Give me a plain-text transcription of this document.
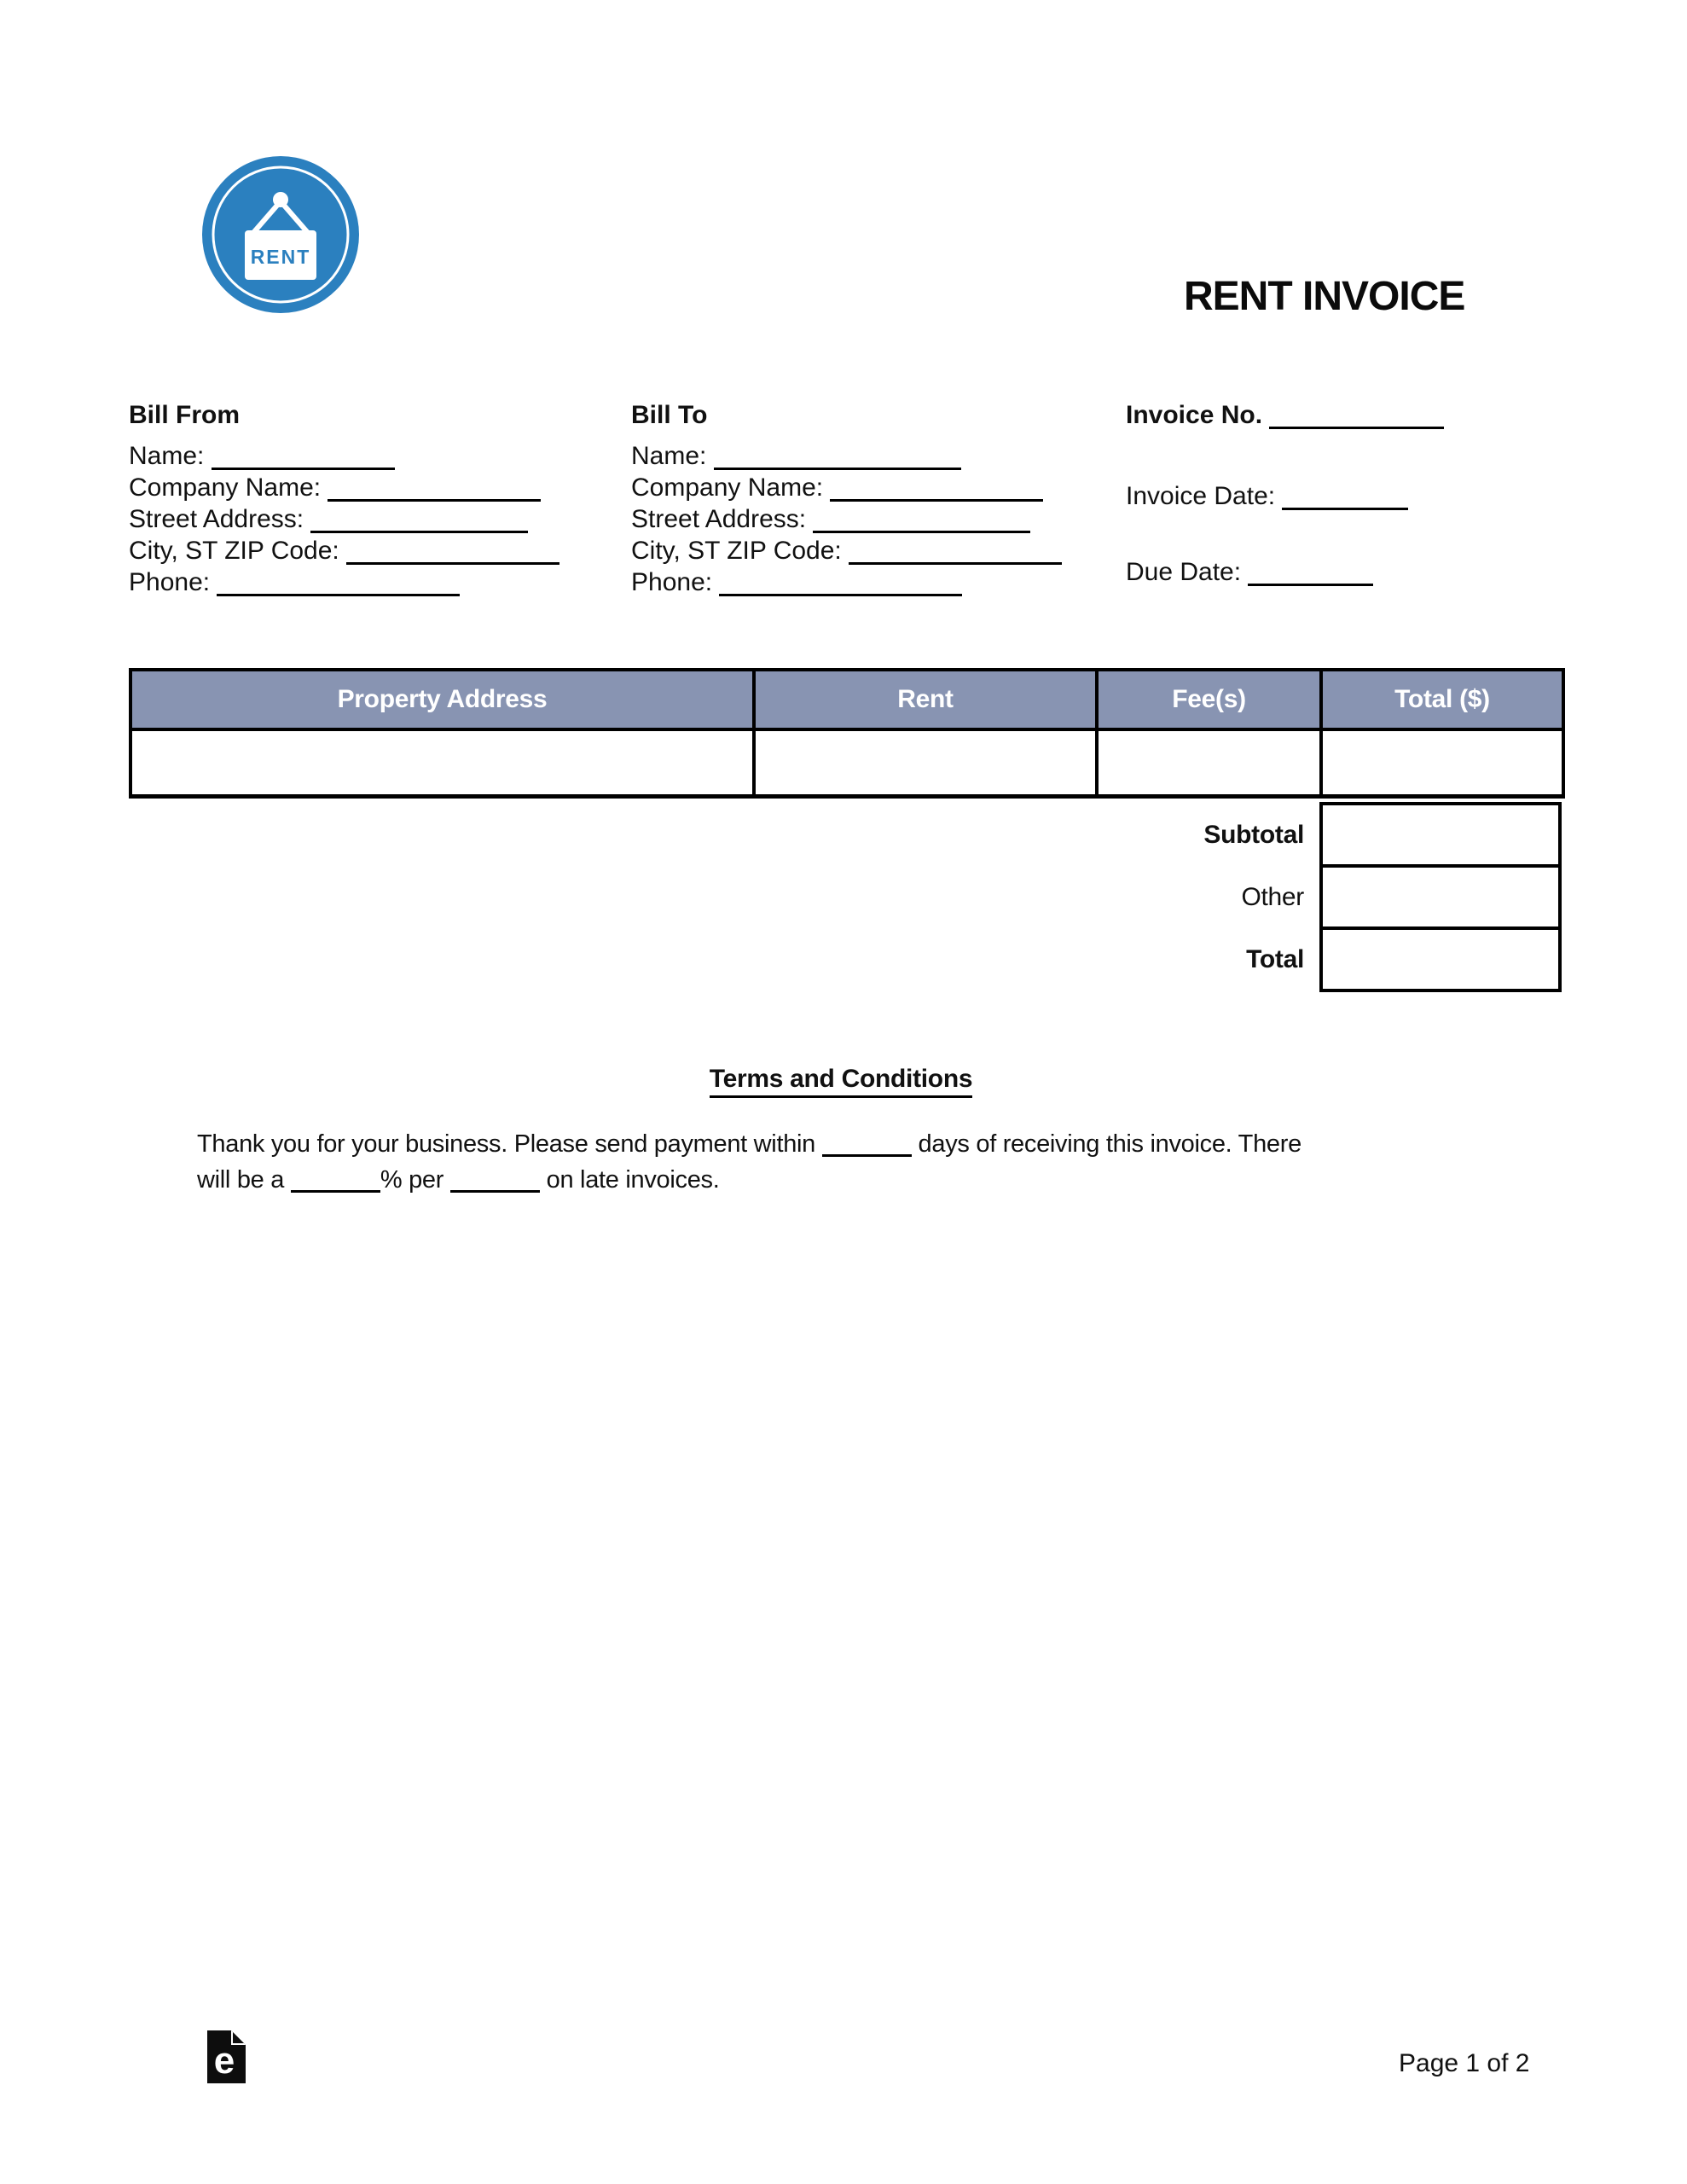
RENT
RENT INVOICE
Bill From
Name:
Company Name:
Street Address:
City, ST ZIP Code:
Phone:
Bill To
Name:
Company Name:
Street Address:
City, ST ZIP Code:
Phone:
Invoice No.
Invoice Date:
Due Date:
Property Address	Rent	Fee(s)	Total ($)

Subtotal
Other
Total
Terms and Conditions
Thank you for your business. Please send payment within	days of receiving this invoice. There
will be a	% per	on late invoices.
e	Page 1 of 2
